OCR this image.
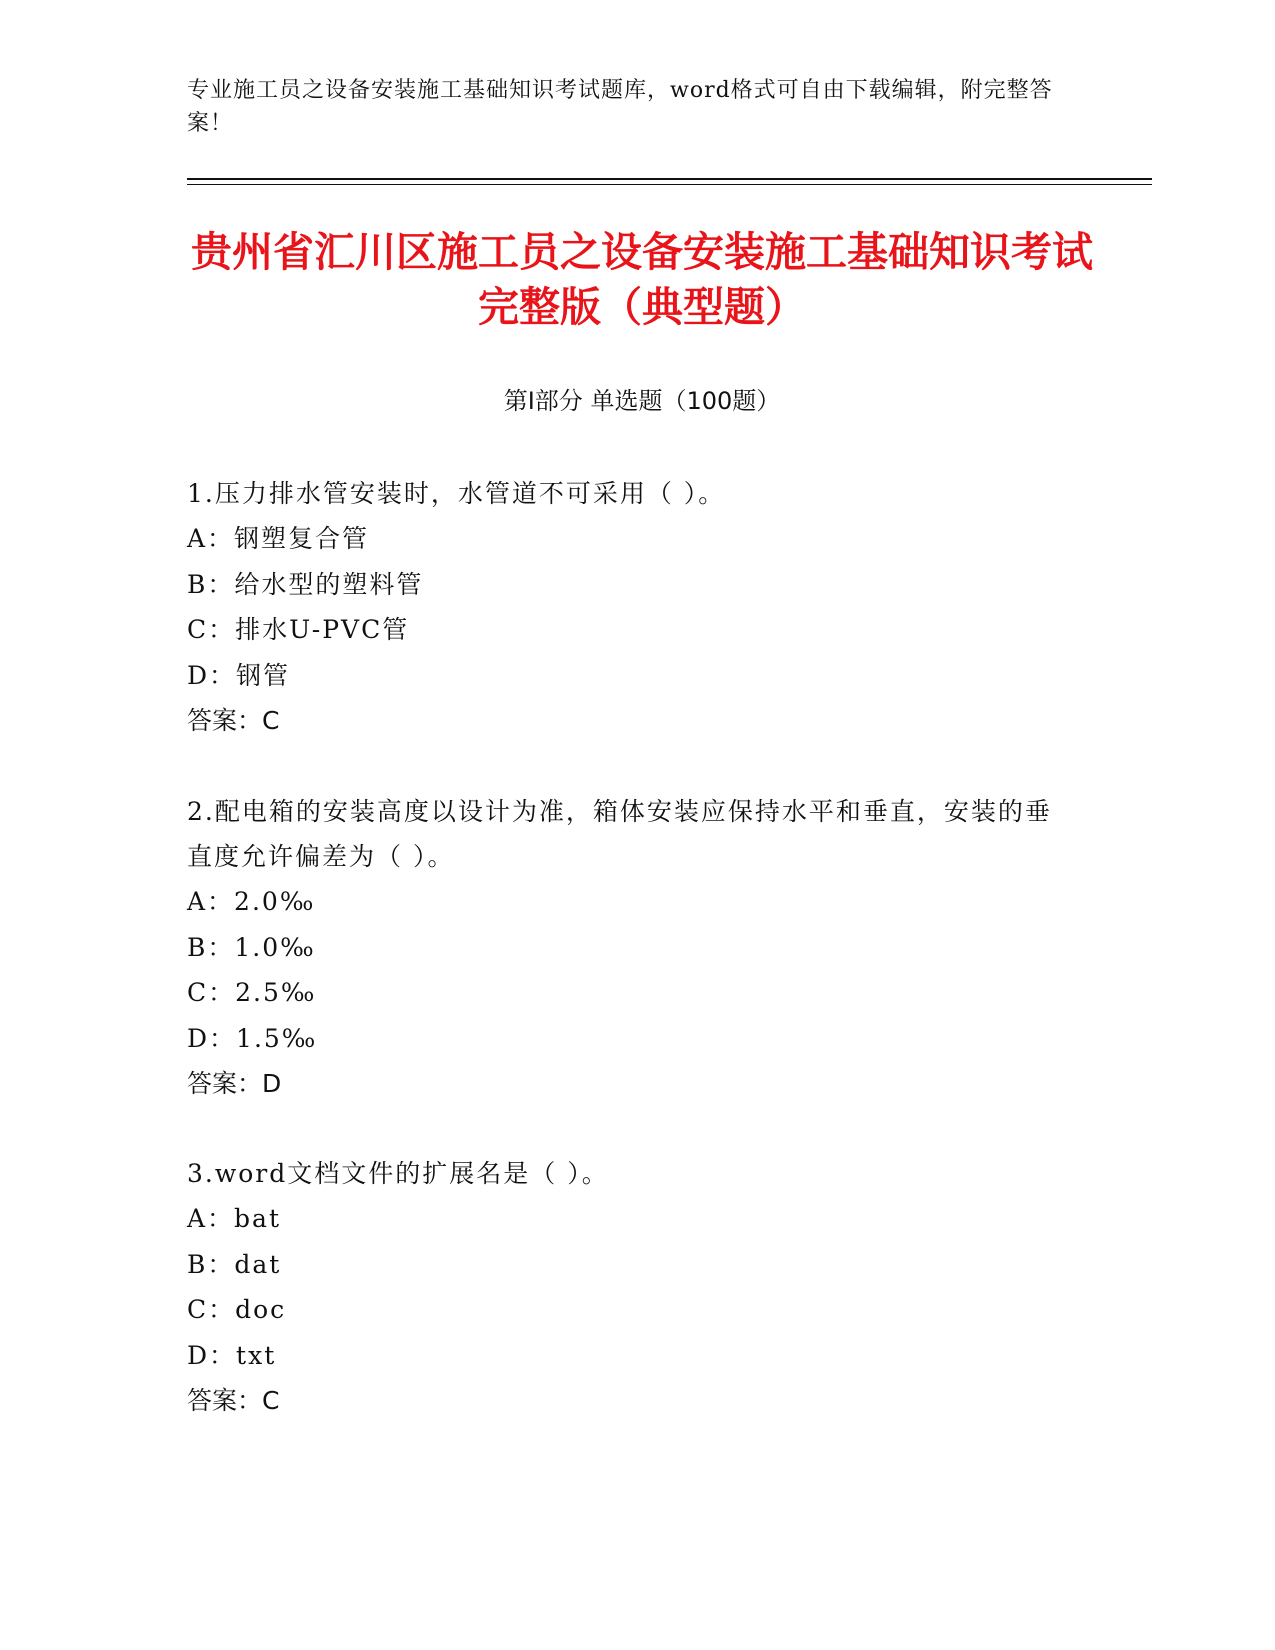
专业施工员之设备安装施工基础知识考试题库，word格式可自由下载编辑，附完整答案！
贵州省汇川区施工员之设备安装施工基础知识考试完整版（典型题）
第I部分 单选题（100题）

1.压力排水管安装时，水管道不可采用（ ）。

A：钢塑复合管

B：给水型的塑料管

C：排水U-PVC管

D：钢管

答案：C

2.配电箱的安装高度以设计为准，箱体安装应保持水平和垂直，安装的垂直度允许偏差为（ ）。

A：2.0‰

B：1.0‰

C：2.5‰

D：1.5‰

答案：D

3.word文档文件的扩展名是（ ）。

A：bat

B：dat

C：doc

D：txt

答案：C
